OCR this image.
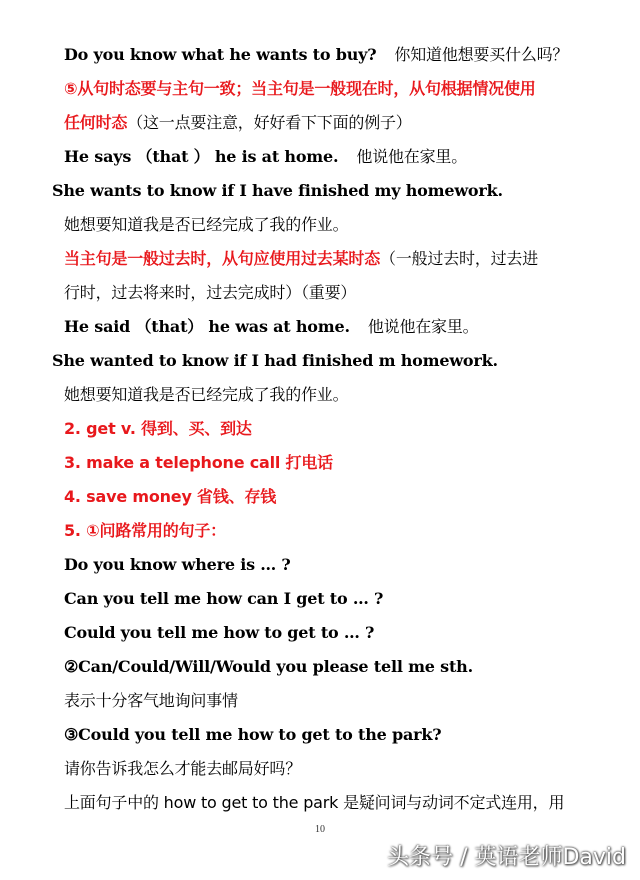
Do you know what he wants to buy? 你知道他想要买什么吗？
⑤从句时态要与主句一致；当主句是一般现在时，从句根据情况使用
任何时态（这一点要注意，好好看下下面的例子）
He says （that ） he is at home. 他说他在家里。
She wants to know if I have finished my homework.
她想要知道我是否已经完成了我的作业。
当主句是一般过去时，从句应使用过去某时态（一般过去时，过去进
行时，过去将来时，过去完成时）（重要）
He said （that） he was at home. 他说他在家里。
She wanted to know if I had finished m homework.
她想要知道我是否已经完成了我的作业。
2. get v. 得到、买、到达
3. make a telephone call 打电话
4. save money 省钱、存钱
5. ①问路常用的句子：
Do you know where is … ?
Can you tell me how can I get to … ?
Could you tell me how to get to … ?
②Can/Could/Will/Would you please tell me sth.
表示十分客气地询问事情
③Could you tell me how to get to the park?
请你告诉我怎么才能去邮局好吗？
上面句子中的 how to get to the park 是疑问词与动词不定式连用，用
10
头条号 / 英语老师David
